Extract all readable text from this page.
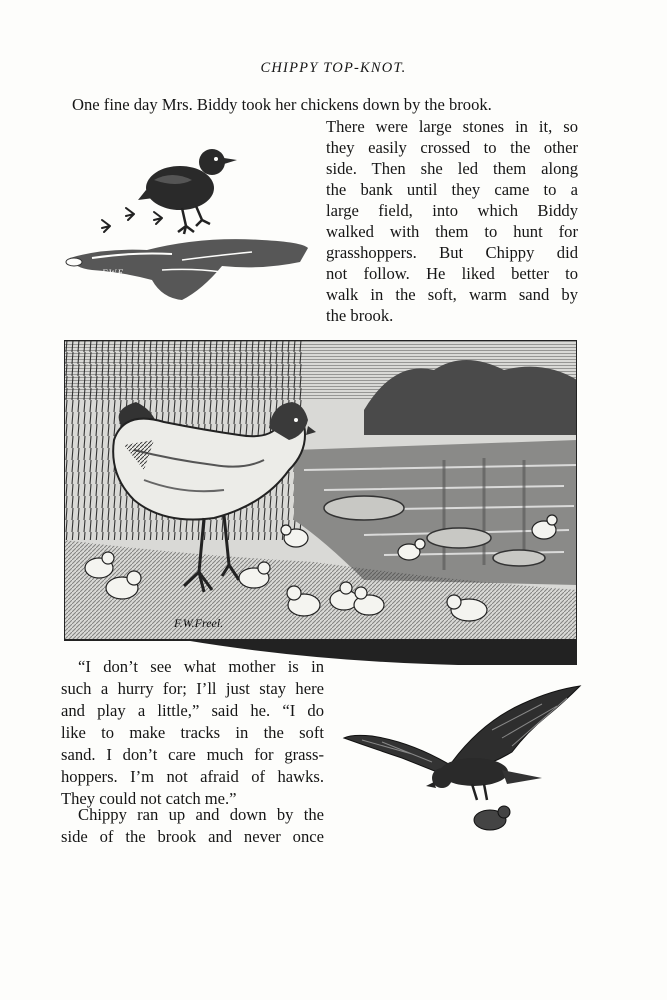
CHIPPY TOP-KNOT.
One fine day Mrs. Biddy took her chickens down by the brook.
There were large stones in it, so
they easily crossed to the other
side. Then she led them along
the bank until they came to a
large field, into which Biddy
walked with them to hunt for
grasshoppers. But Chippy did
not follow. He liked better to
walk in the soft, warm sand by
the brook.
F.W.F.
F.W.Freel.
“I don’t see what mother is in
such a hurry for; I’ll just stay here
and play a little,” said he. “I do
like to make tracks in the soft
sand. I don’t care much for grass-
hoppers. I’m not afraid of hawks.
They could not catch me.”
Chippy ran up and down by the
side of the brook and never once
